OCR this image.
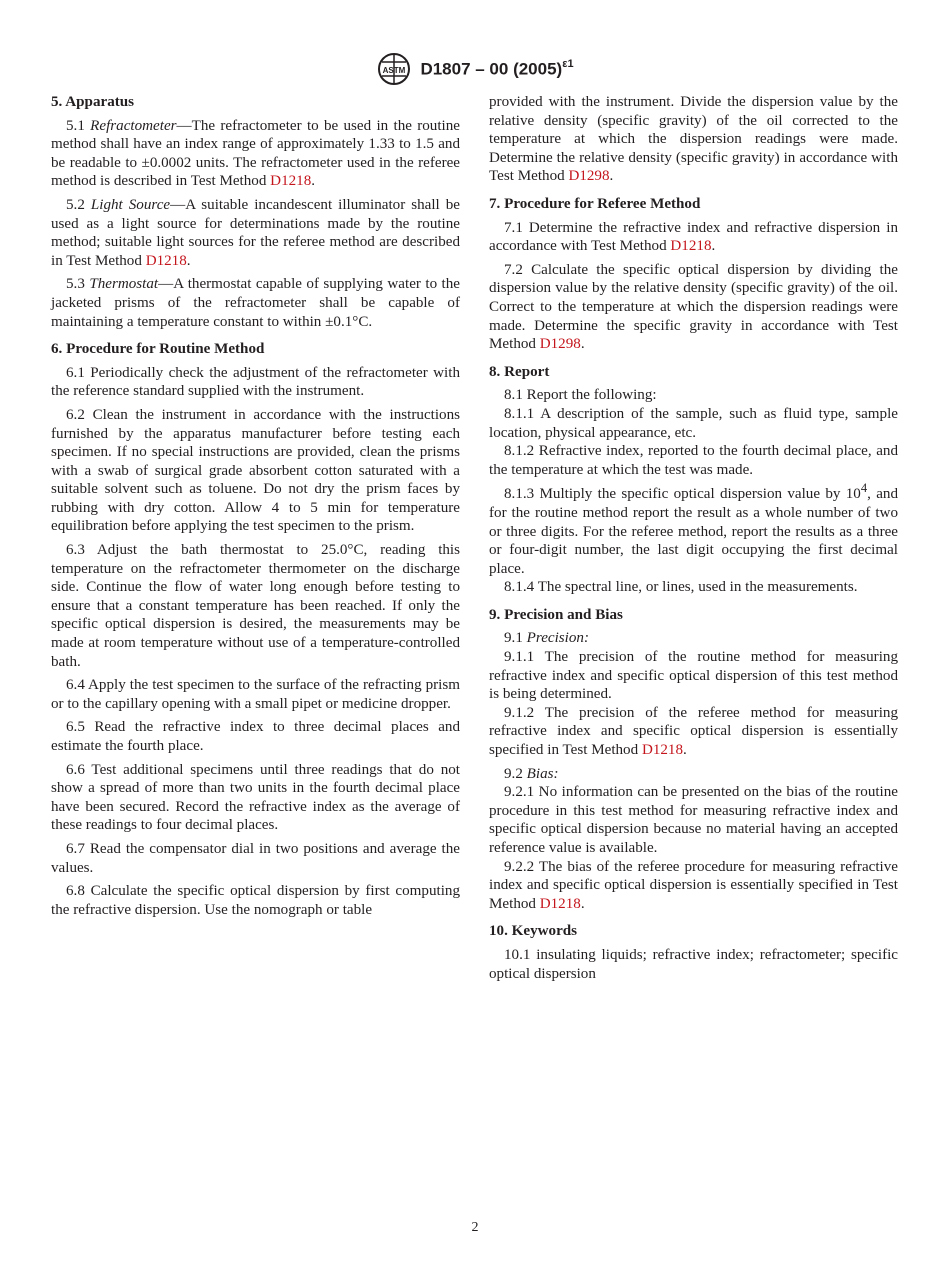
ASTM D1807 – 00 $(2005)^{\varepsilon 1}$
5. Apparatus

5.1 Refractometer—The refractometer to be used in the routine method shall have an index range of approximately 1.33 to 1.5 and be readable to ±0.0002 units. The refractometer used in the referee method is described in Test Method D1218.

5.2 Light Source—A suitable incandescent illuminator shall be used as a light source for determinations made by the routine method; suitable light sources for the referee method are described in Test Method D1218.

5.3 Thermostat—A thermostat capable of supplying water to the jacketed prisms of the refractometer shall be capable of maintaining a temperature constant to within ±0.1°C.

6. Procedure for Routine Method

6.1 Periodically check the adjustment of the refractometer with the reference standard supplied with the instrument.

6.2 Clean the instrument in accordance with the instructions furnished by the apparatus manufacturer before testing each specimen. If no special instructions are provided, clean the prisms with a swab of surgical grade absorbent cotton saturated with a suitable solvent such as toluene. Do not dry the prism faces by rubbing with dry cotton. Allow 4 to 5 min for temperature equilibration before applying the test specimen to the prism.

6.3 Adjust the bath thermostat to 25.0°C, reading this temperature on the refractometer thermometer on the discharge side. Continue the flow of water long enough before testing to ensure that a constant temperature has been reached. If only the specific optical dispersion is desired, the measurements may be made at room temperature without use of a temperature-controlled bath.

6.4 Apply the test specimen to the surface of the refracting prism or to the capillary opening with a small pipet or medicine dropper.

6.5 Read the refractive index to three decimal places and estimate the fourth place.

6.6 Test additional specimens until three readings that do not show a spread of more than two units in the fourth decimal place have been secured. Record the refractive index as the average of these readings to four decimal places.

6.7 Read the compensator dial in two positions and average the values.

6.8 Calculate the specific optical dispersion by first computing the refractive dispersion. Use the nomograph or table

provided with the instrument. Divide the dispersion value by the relative density (specific gravity) of the oil corrected to the temperature at which the dispersion readings were made. Determine the relative density (specific gravity) in accordance with Test Method D1298.

7. Procedure for Referee Method

7.1 Determine the refractive index and refractive dispersion in accordance with Test Method D1218.

7.2 Calculate the specific optical dispersion by dividing the dispersion value by the relative density (specific gravity) of the oil. Correct to the temperature at which the dispersion readings were made. Determine the specific gravity in accordance with Test Method D1298.

8. Report

8.1 Report the following:

8.1.1 A description of the sample, such as fluid type, sample location, physical appearance, etc.

8.1.2 Refractive index, reported to the fourth decimal place, and the temperature at which the test was made.

8.1.3 Multiply the specific optical dispersion value by $10^4$, and for the routine method report the result as a whole number of two or three digits. For the referee method, report the results as a three or four-digit number, the last digit occupying the first decimal place.

8.1.4 The spectral line, or lines, used in the measurements.

9. Precision and Bias

9.1 Precision:

9.1.1 The precision of the routine method for measuring refractive index and specific optical dispersion of this test method is being determined.

9.1.2 The precision of the referee method for measuring refractive index and specific optical dispersion is essentially specified in Test Method D1218.

9.2 Bias:

9.2.1 No information can be presented on the bias of the routine procedure in this test method for measuring refractive index and specific optical dispersion because no material having an accepted reference value is available.

9.2.2 The bias of the referee procedure for measuring refractive index and specific optical dispersion is essentially specified in Test Method D1218.

10. Keywords

10.1 insulating liquids; refractive index; refractometer; specific optical dispersion

2
